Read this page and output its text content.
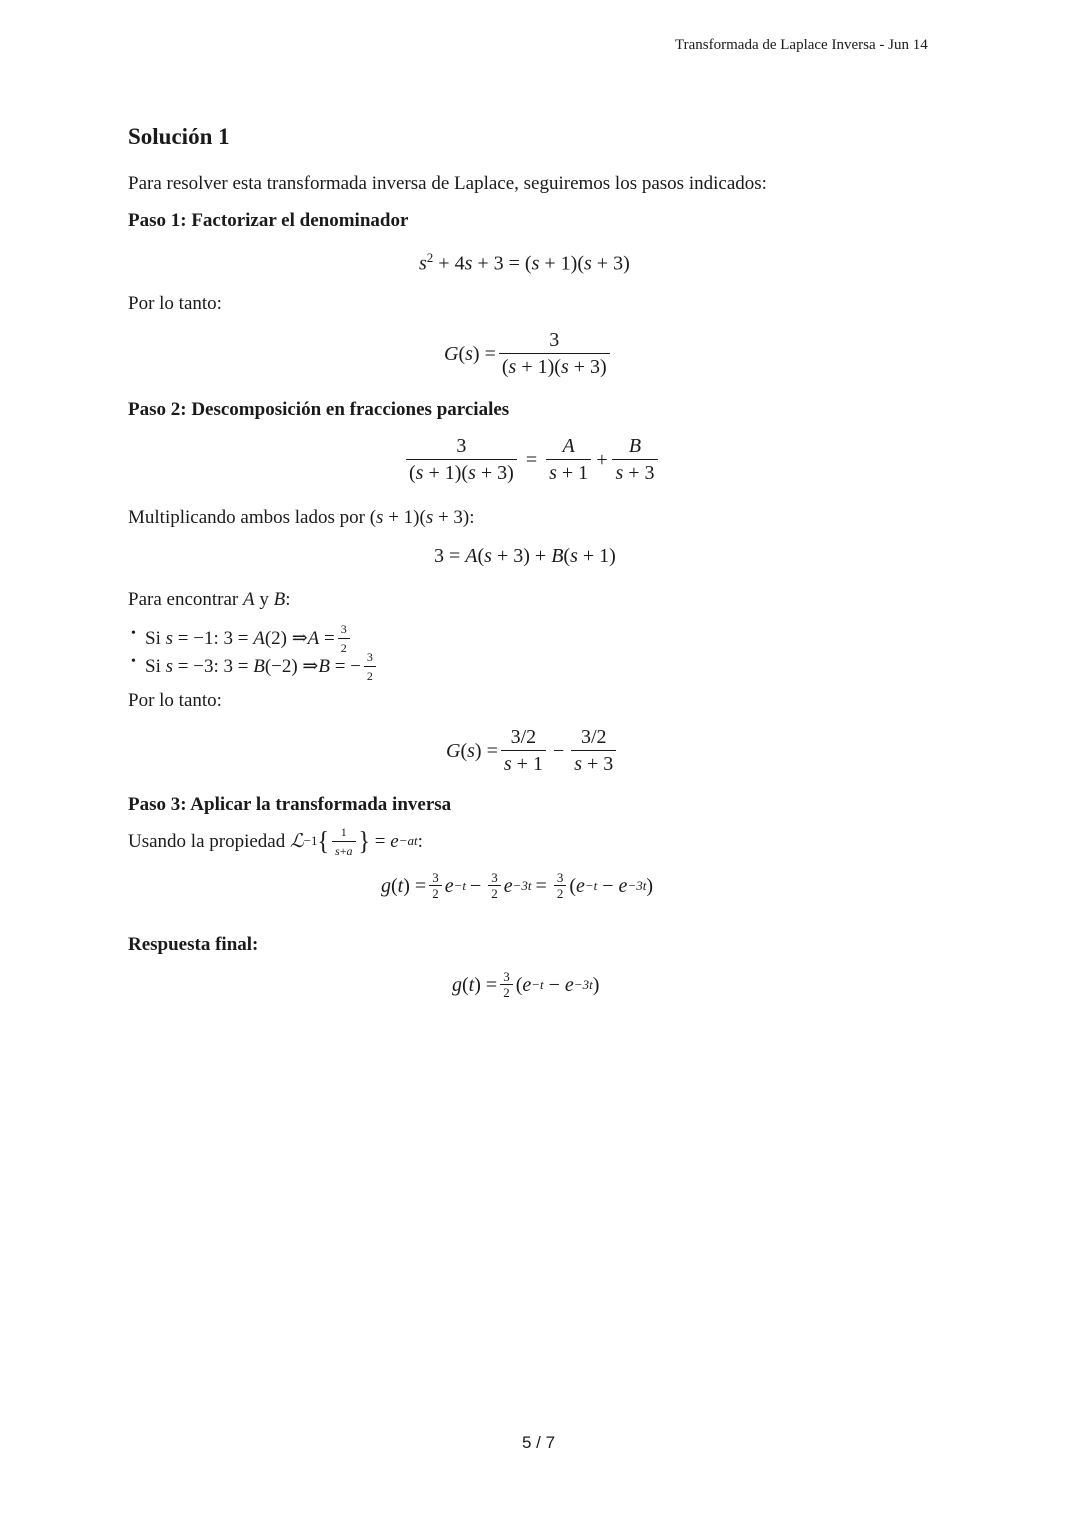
Transformada de Laplace Inversa - Jun 14
Solución 1
Para resolver esta transformada inversa de Laplace, seguiremos los pasos indicados:
Paso 1: Factorizar el denominador
$s^2 + 4s + 3 = (s + 1)(s + 3)$
Por lo tanto:
G ( s ) = $\frac{3}{(s + 1)(s + 3)}$
Paso 2: Descomposición en fracciones parciales
$\frac{3}{(s + 1)(s + 3)} = \frac{A}{s + 1} + \frac{B}{s + 3}$
Multiplicando ambos lados por (s + 1)(s + 3):
3 = A(s + 3) + B(s + 1)
Para encontrar A y B:
• Si
s = −1: 3 = A (2) ⇒ $A = \frac{3}{2}$
• Si
s = −3: 3 = B (−2) ⇒ B = − $\frac{3}{2}$
Por lo tanto:
G ( s ) = $\frac{3/2}{s + 1} - \frac{3/2}{s + 3}$
Paso 3: Aplicar la transformada inversa
Usando la propiedad
ℒ −1 { $\frac{1}{s+a}$ } = e −at :
g ( t ) = $\frac{3}{2}$ $e -t - \frac{3}{2}$ $e -3t = \frac{3}{2}$ ( e −t − e −3t )
Respuesta final:
g ( t ) = $\frac{3}{2}$ ( e −t − e −3t )
5 / 7
